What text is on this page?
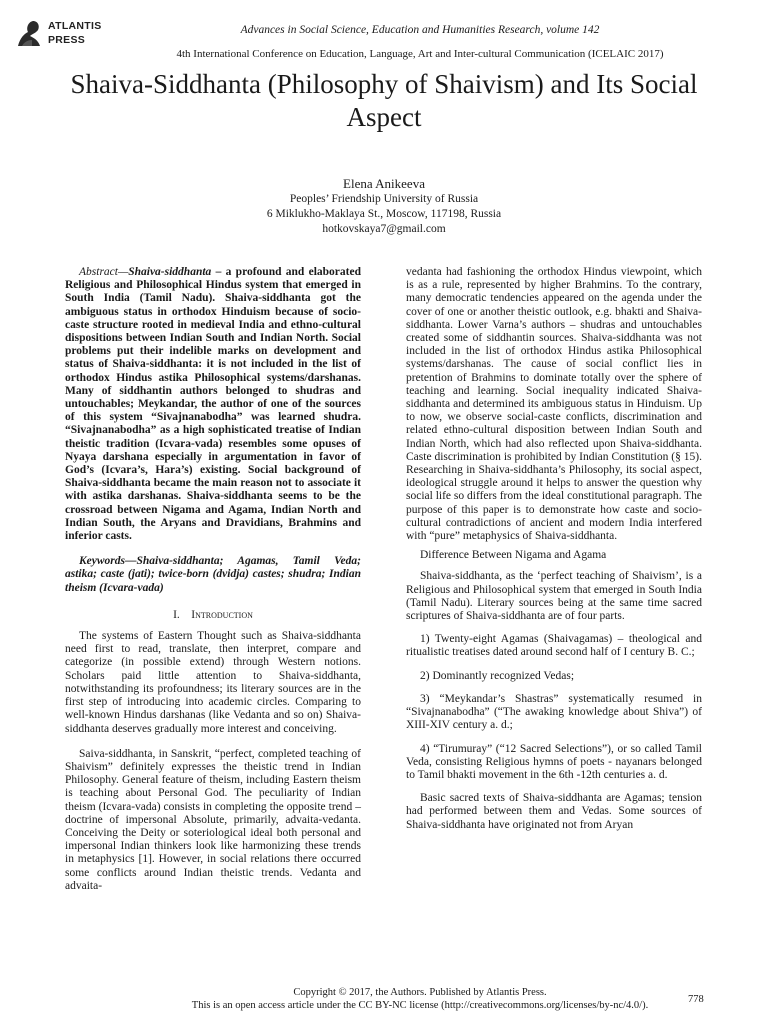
ATLANTIS
PRESS
Advances in Social Science, Education and Humanities Research, volume 142
4th International Conference on Education, Language, Art and Inter-cultural Communication (ICELAIC 2017)
Shaiva-Siddhanta (Philosophy of Shaivism) and Its Social Aspect
Elena Anikeeva
Peoples’ Friendship University of Russia
6 Miklukho-Maklaya St., Moscow, 117198, Russia
hotkovskaya7@gmail.com

Abstract—Shaiva-siddhanta – a profound and elaborated Religious and Philosophical Hindus system that emerged in South India (Tamil Nadu). Shaiva-siddhanta got the ambiguous status in orthodox Hinduism because of socio-caste structure rooted in medieval India and ethno-cultural dispositions between Indian South and Indian North. Social problems put their indelible marks on development and status of Shaiva-siddhanta: it is not included in the list of orthodox Hindus astika Philosophical systems/darshanas. Many of siddhantin authors belonged to shudras and untouchables; Meykandar, the author of one of the sources of this system “Sivajnanabodha” was learned shudra. “Sivajnanabodha” as a high sophisticated treatise of Indian theistic tradition (Icvara-vada) resembles some opuses of Nyaya darshana especially in argumentation in favor of God’s (Icvara’s, Hara’s) existing. Social background of Shaiva-siddhanta became the main reason not to associate it with astika darshanas. Shaiva-siddhanta seems to be the crossroad between Nigama and Agama, Indian North and Indian South, the Aryans and Dravidians, Brahmins and inferior casts.

Keywords—Shaiva-siddhanta; Agamas, Tamil Veda; astika; caste (jati); twice-born (dvidja) castes; shudra; Indian theism (Icvara-vada)

I. Introduction

The systems of Eastern Thought such as Shaiva-siddhanta need first to read, translate, then interpret, compare and categorize (in possible extend) through Western notions. Scholars paid little attention to Shaiva-siddhanta, notwithstanding its profoundness; its literary sources are in the first step of introducing into academic circles. Comparing to well-known Hindus darshanas (like Vedanta and so on) Shaiva-siddhanta deserves gradually more interest and conceiving.

Saiva-siddhanta, in Sanskrit, “perfect, completed teaching of Shaivism” definitely expresses the theistic trend in Indian Philosophy. General feature of theism, including Eastern theism is teaching about Personal God. The peculiarity of Indian theism (Icvara-vada) consists in completing the opposite trend – doctrine of impersonal Absolute, primarily, advaita-vedanta. Conceiving the Deity or soteriological ideal both personal and impersonal Indian thinkers look like harmonizing these trends in metaphysics [1]. However, in social relations there occurred some conflicts around Indian theistic trends. Vedanta and advaita-

vedanta had fashioning the orthodox Hindus viewpoint, which is as a rule, represented by higher Brahmins. To the contrary, many democratic tendencies appeared on the agenda under the cover of one or another theistic outlook, e.g. bhakti and Shaiva-siddhanta. Lower Varna’s authors – shudras and untouchables created some of siddhantin sources. Shaiva-siddhanta was not included in the list of orthodox Hindus astika Philosophical systems/darshanas. The cause of social conflict lies in pretention of Brahmins to dominate totally over the sphere of teaching and learning. Social inequality indicated Shaiva-siddhanta and determined its ambiguous status in Hinduism. Up to now, we observe social-caste conflicts, discrimination and related ethno-cultural disposition between Indian South and Indian North, which had also reflected upon Shaiva-siddhanta. Caste discrimination is prohibited by Indian Constitution (§ 15). Researching in Shaiva-siddhanta’s Philosophy, its social aspect, ideological struggle around it helps to answer the question why social life so differs from the ideal constitutional paragraph. The purpose of this paper is to demonstrate how caste and socio-cultural contradictions of ancient and modern India interfered with “pure” metaphysics of Shaiva-siddhanta.

Difference Between Nigama and Agama

Shaiva-siddhanta, as the ‘perfect teaching of Shaivism’, is a Religious and Philosophical system that emerged in South India (Tamil Nadu). Literary sources being at the same time sacred scriptures of Shaiva-siddhanta are of four parts.

1) Twenty-eight Agamas (Shaivagamas) – theological and ritualistic treatises dated around second half of I century B. C.;

2) Dominantly recognized Vedas;

3) “Meykandar’s Shastras” systematically resumed in “Sivajnanabodha” (“The awaking knowledge about Shiva”) of XIII-XIV century a. d.;

4) “Tirumuray” (“12 Sacred Selections”), or so called Tamil Veda, consisting Religious hymns of poets - nayanars belonged to Tamil bhakti movement in the 6th -12th centuries a. d.

Basic sacred texts of Shaiva-siddhanta are Agamas; tension had performed between them and Vedas. Some sources of Shaiva-siddhanta have originated not from Aryan

Copyright © 2017, the Authors. Published by Atlantis Press.
This is an open access article under the CC BY-NC license (http://creativecommons.org/licenses/by-nc/4.0/).
778
